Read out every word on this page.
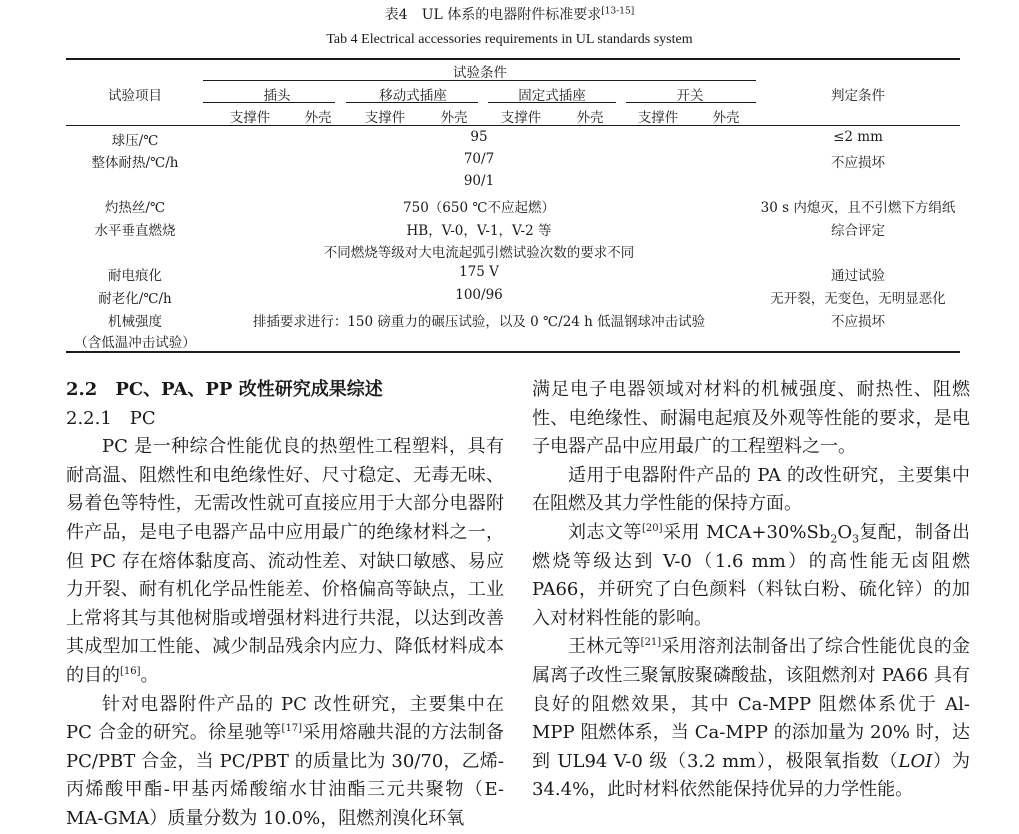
表4　UL 体系的电器附件标准要求[13-15]
Tab 4 Electrical accessories requirements in UL standards system
试验项目
试验条件
判定条件
插头	移动式插座	固定式插座	开关
支撑件	外壳 支撑件	外壳 支撑件	外壳	支撑件	外壳
球压/℃	95	≤2 mm
整体耐热/℃/h	70/7	不应损坏
90/1
灼热丝/℃	750（650 ℃不应起燃）	30 s 内熄灭，且不引燃下方绢纸
水平垂直燃烧	HB，V-0，V-1，V-2 等	综合评定
不同燃烧等级对大电流起弧引燃试验次数的要求不同
耐电痕化	175 V	通过试验
耐老化/℃/h	100/96	无开裂，无变色，无明显恶化
机械强度	排插要求进行：150 磅重力的碾压试验，以及 0 ℃/24 h 低温钢球冲击试验	不应损坏
（含低温冲击试验）

2.2　PC、PA、PP 改性研究成果综述

2.2.1　PC

PC 是一种综合性能优良的热塑性工程塑料，具有耐高温、阻燃性和电绝缘性好、尺寸稳定、无毒无味、易着色等特性，无需改性就可直接应用于大部分电器附件产品，是电子电器产品中应用最广的绝缘材料之一，但 PC 存在熔体黏度高、流动性差、对缺口敏感、易应力开裂、耐有机化学品性能差、价格偏高等缺点，工业上常将其与其他树脂或增强材料进行共混，以达到改善其成型加工性能、减少制品残余内应力、降低材料成本的目的[16]。

针对电器附件产品的 PC 改性研究，主要集中在 PC 合金的研究。徐星驰等[17]采用熔融共混的方法制备 PC/PBT 合金，当 PC/PBT 的质量比为 30/70，乙烯-丙烯酸甲酯-甲基丙烯酸缩水甘油酯三元共聚物（E-MA-GMA）质量分数为 10.0%，阻燃剂溴化环氧

满足电子电器领域对材料的机械强度、耐热性、阻燃性、电绝缘性、耐漏电起痕及外观等性能的要求，是电子电器产品中应用最广的工程塑料之一。

适用于电器附件产品的 PA 的改性研究，主要集中在阻燃及其力学性能的保持方面。

刘志文等[20]采用 $MCA+30\%Sb_2O_3$复配，制备出燃烧等级达到 V-0（1.6 mm）的高性能无卤阻燃 PA66，并研究了白色颜料（料钛白粉、硫化锌）的加入对材料性能的影响。

王林元等[21]采用溶剂法制备出了综合性能优良的金属离子改性三聚氰胺聚磷酸盐，该阻燃剂对 PA66 具有良好的阻燃效果，其中 Ca-MPP 阻燃体系优于 Al-MPP 阻燃体系，当 Ca-MPP 的添加量为 20% 时，达到 UL94 V-0 级（3.2 mm），极限氧指数（LOI）为 34.4%，此时材料依然能保持优异的力学性能。
